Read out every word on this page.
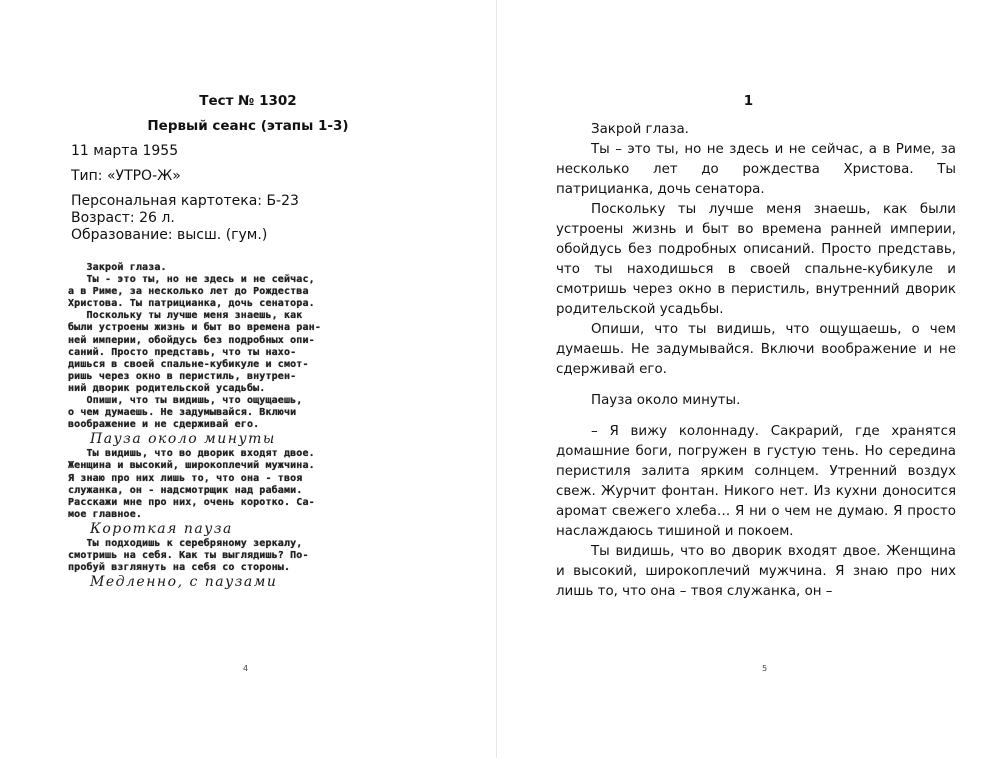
Тест № 1302
Первый сеанс (этапы 1-3)
11 марта 1955
Тип: «УТРО-Ж»
Персональная картотека: Б-23
Возраст: 26 л.
Образование: высш. (гум.)
Закрой глаза.
Ты - это ты, но не здесь и не сейчас,
а в Риме, за несколько лет до Рождества
Христова. Ты патрицианка, дочь сенатора.
Поскольку ты лучше меня знаешь, как
были устроены жизнь и быт во времена ран-
ней империи, обойдусь без подробных опи-
саний. Просто представь, что ты нахо-
дишься в своей спальне-кубикуле и смот-
ришь через окно в перистиль, внутрен-
ний дворик родительской усадьбы.
Опиши, что ты видишь, что ощущаешь,
о чем думаешь. Не задумывайся. Включи
воображение и не сдерживай его.
Пауза около минуты
Ты видишь, что во дворик входят двое.
Женщина и высокий, широкоплечий мужчина.
Я знаю про них лишь то, что она - твоя
служанка, он - надсмотрщик над рабами.
Расскажи мне про них, очень коротко. Са-
мое главное.
Короткая пауза
Ты подходишь к серебряному зеркалу,
смотришь на себя. Как ты выглядишь? По-
пробуй взглянуть на себя со стороны.
Медленно, с паузами
4
1

Закрой глаза.

Ты – это ты, но не здесь и не сейчас, а в Риме, за несколько лет до рождества Христова. Ты патрицианка, дочь сенатора.

Поскольку ты лучше меня знаешь, как были устроены жизнь и быт во времена ранней империи, обойдусь без подробных описаний. Просто представь, что ты находишься в своей спальне-кубикуле и смотришь через окно в перистиль, внутренний дворик родительской усадьбы.

Опиши, что ты видишь, что ощущаешь, о чем думаешь. Не задумывайся. Включи воображение и не сдерживай его.

Пауза около минуты.

– Я вижу колоннаду. Сакрарий, где хранятся домашние боги, погружен в густую тень. Но середина перистиля залита ярким солнцем. Утренний воздух свеж. Журчит фонтан. Никого нет. Из кухни доносится аромат свежего хлеба… Я ни о чем не думаю. Я просто наслаждаюсь тишиной и покоем.

Ты видишь, что во дворик входят двое. Женщина и высокий, широкоплечий мужчина. Я знаю про них лишь то, что она – твоя служанка, он –

5
